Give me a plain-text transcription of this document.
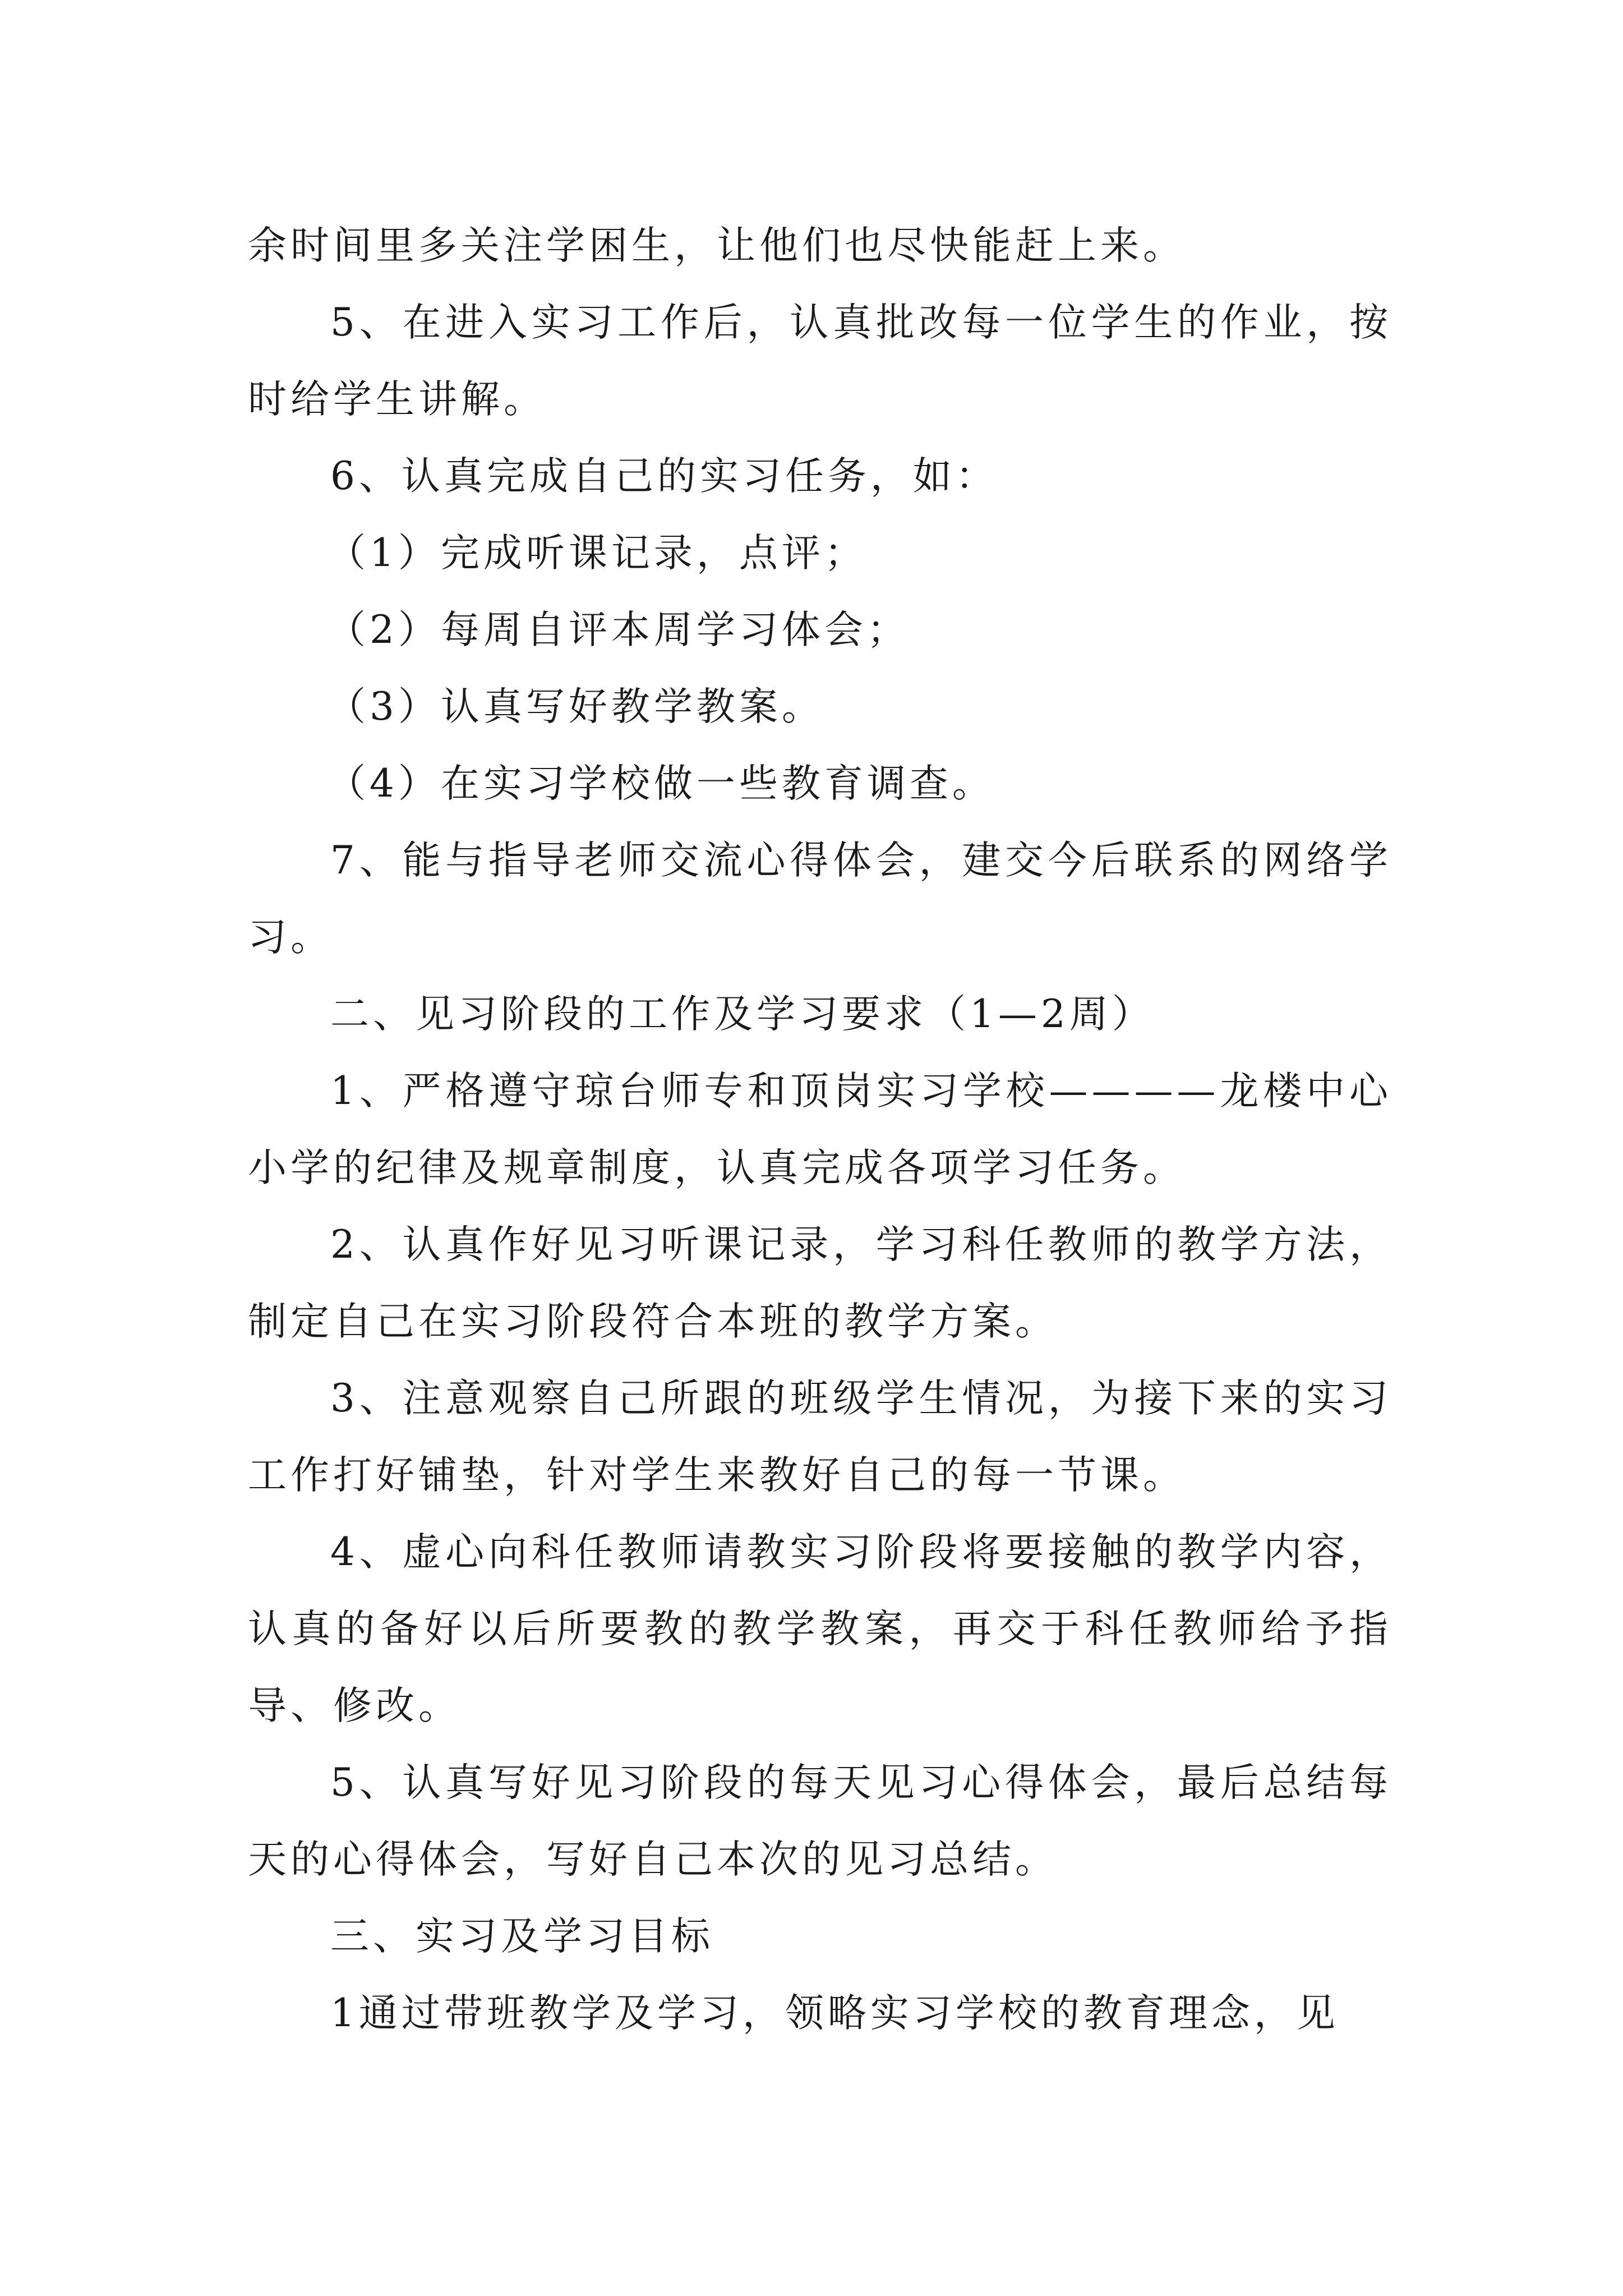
余时间里多关注学困生，让他们也尽快能赶上来。

5、在进入实习工作后，认真批改每一位学生的作业，按时给学生讲解。

6、认真完成自己的实习任务，如：

（1）完成听课记录，点评；

（2）每周自评本周学习体会；

（3）认真写好教学教案。

（4）在实习学校做一些教育调查。

7、能与指导老师交流心得体会，建交今后联系的网络学习。

二、见习阶段的工作及学习要求（1—2周）

1、严格遵守琼台师专和顶岗实习学校————龙楼中心小学的纪律及规章制度，认真完成各项学习任务。

2、认真作好见习听课记录，学习科任教师的教学方法，制定自己在实习阶段符合本班的教学方案。

3、注意观察自己所跟的班级学生情况，为接下来的实习工作打好铺垫，针对学生来教好自己的每一节课。

4、虚心向科任教师请教实习阶段将要接触的教学内容，认真的备好以后所要教的教学教案，再交于科任教师给予指导、修改。

5、认真写好见习阶段的每天见习心得体会，最后总结每天的心得体会，写好自己本次的见习总结。

三、实习及学习目标

1通过带班教学及学习，领略实习学校的教育理念，见
